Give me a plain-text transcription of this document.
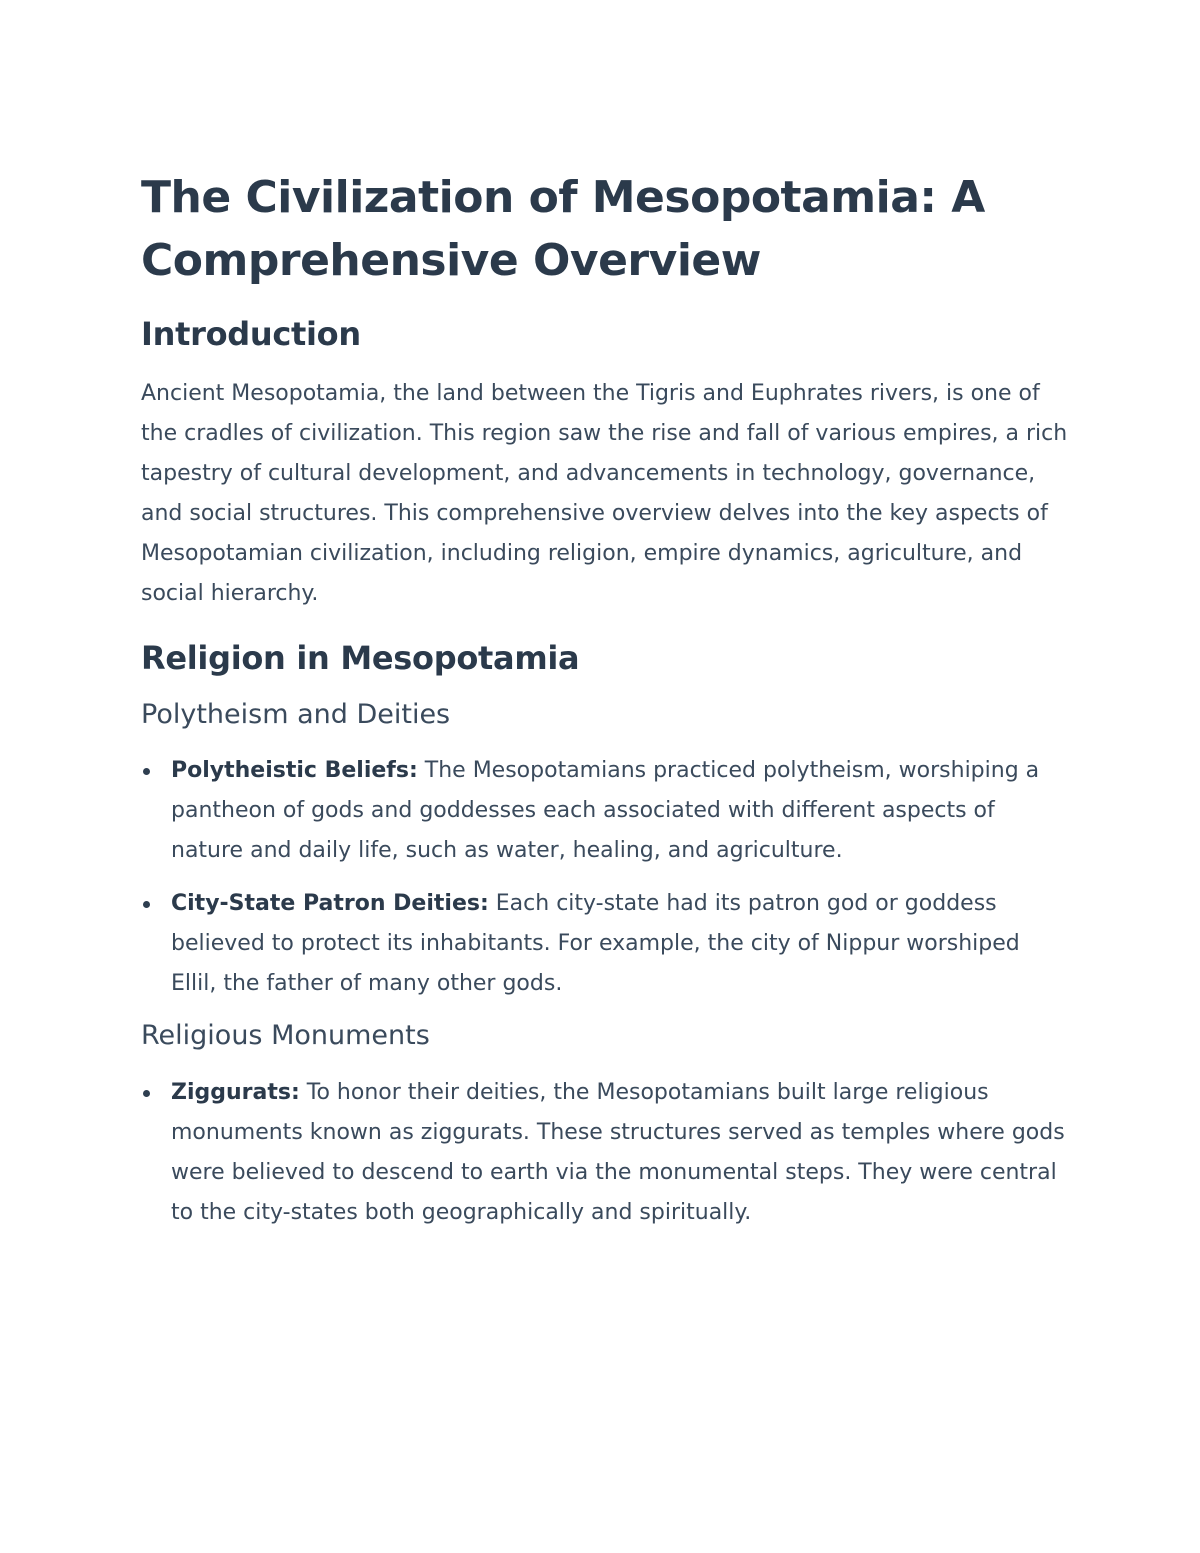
The Civilization of Mesopotamia: A Comprehensive Overview
Introduction

Ancient Mesopotamia, the land between the Tigris and Euphrates rivers, is one of the cradles of civilization. This region saw the rise and fall of various empires, a rich tapestry of cultural development, and advancements in technology, governance, and social structures. This comprehensive overview delves into the key aspects of Mesopotamian civilization, including religion, empire dynamics, agriculture, and social hierarchy.

Religion in Mesopotamia
Polytheism and Deities
Polytheistic Beliefs: The Mesopotamians practiced polytheism, worshiping a pantheon of gods and goddesses each associated with different aspects of nature and daily life, such as water, healing, and agriculture.
City-State Patron Deities: Each city-state had its patron god or goddess believed to protect its inhabitants. For example, the city of Nippur worshiped Ellil, the father of many other gods.
Religious Monuments
Ziggurats: To honor their deities, the Mesopotamians built large religious monuments known as ziggurats. These structures served as temples where gods were believed to descend to earth via the monumental steps. They were central to the city-states both geographically and spiritually.
